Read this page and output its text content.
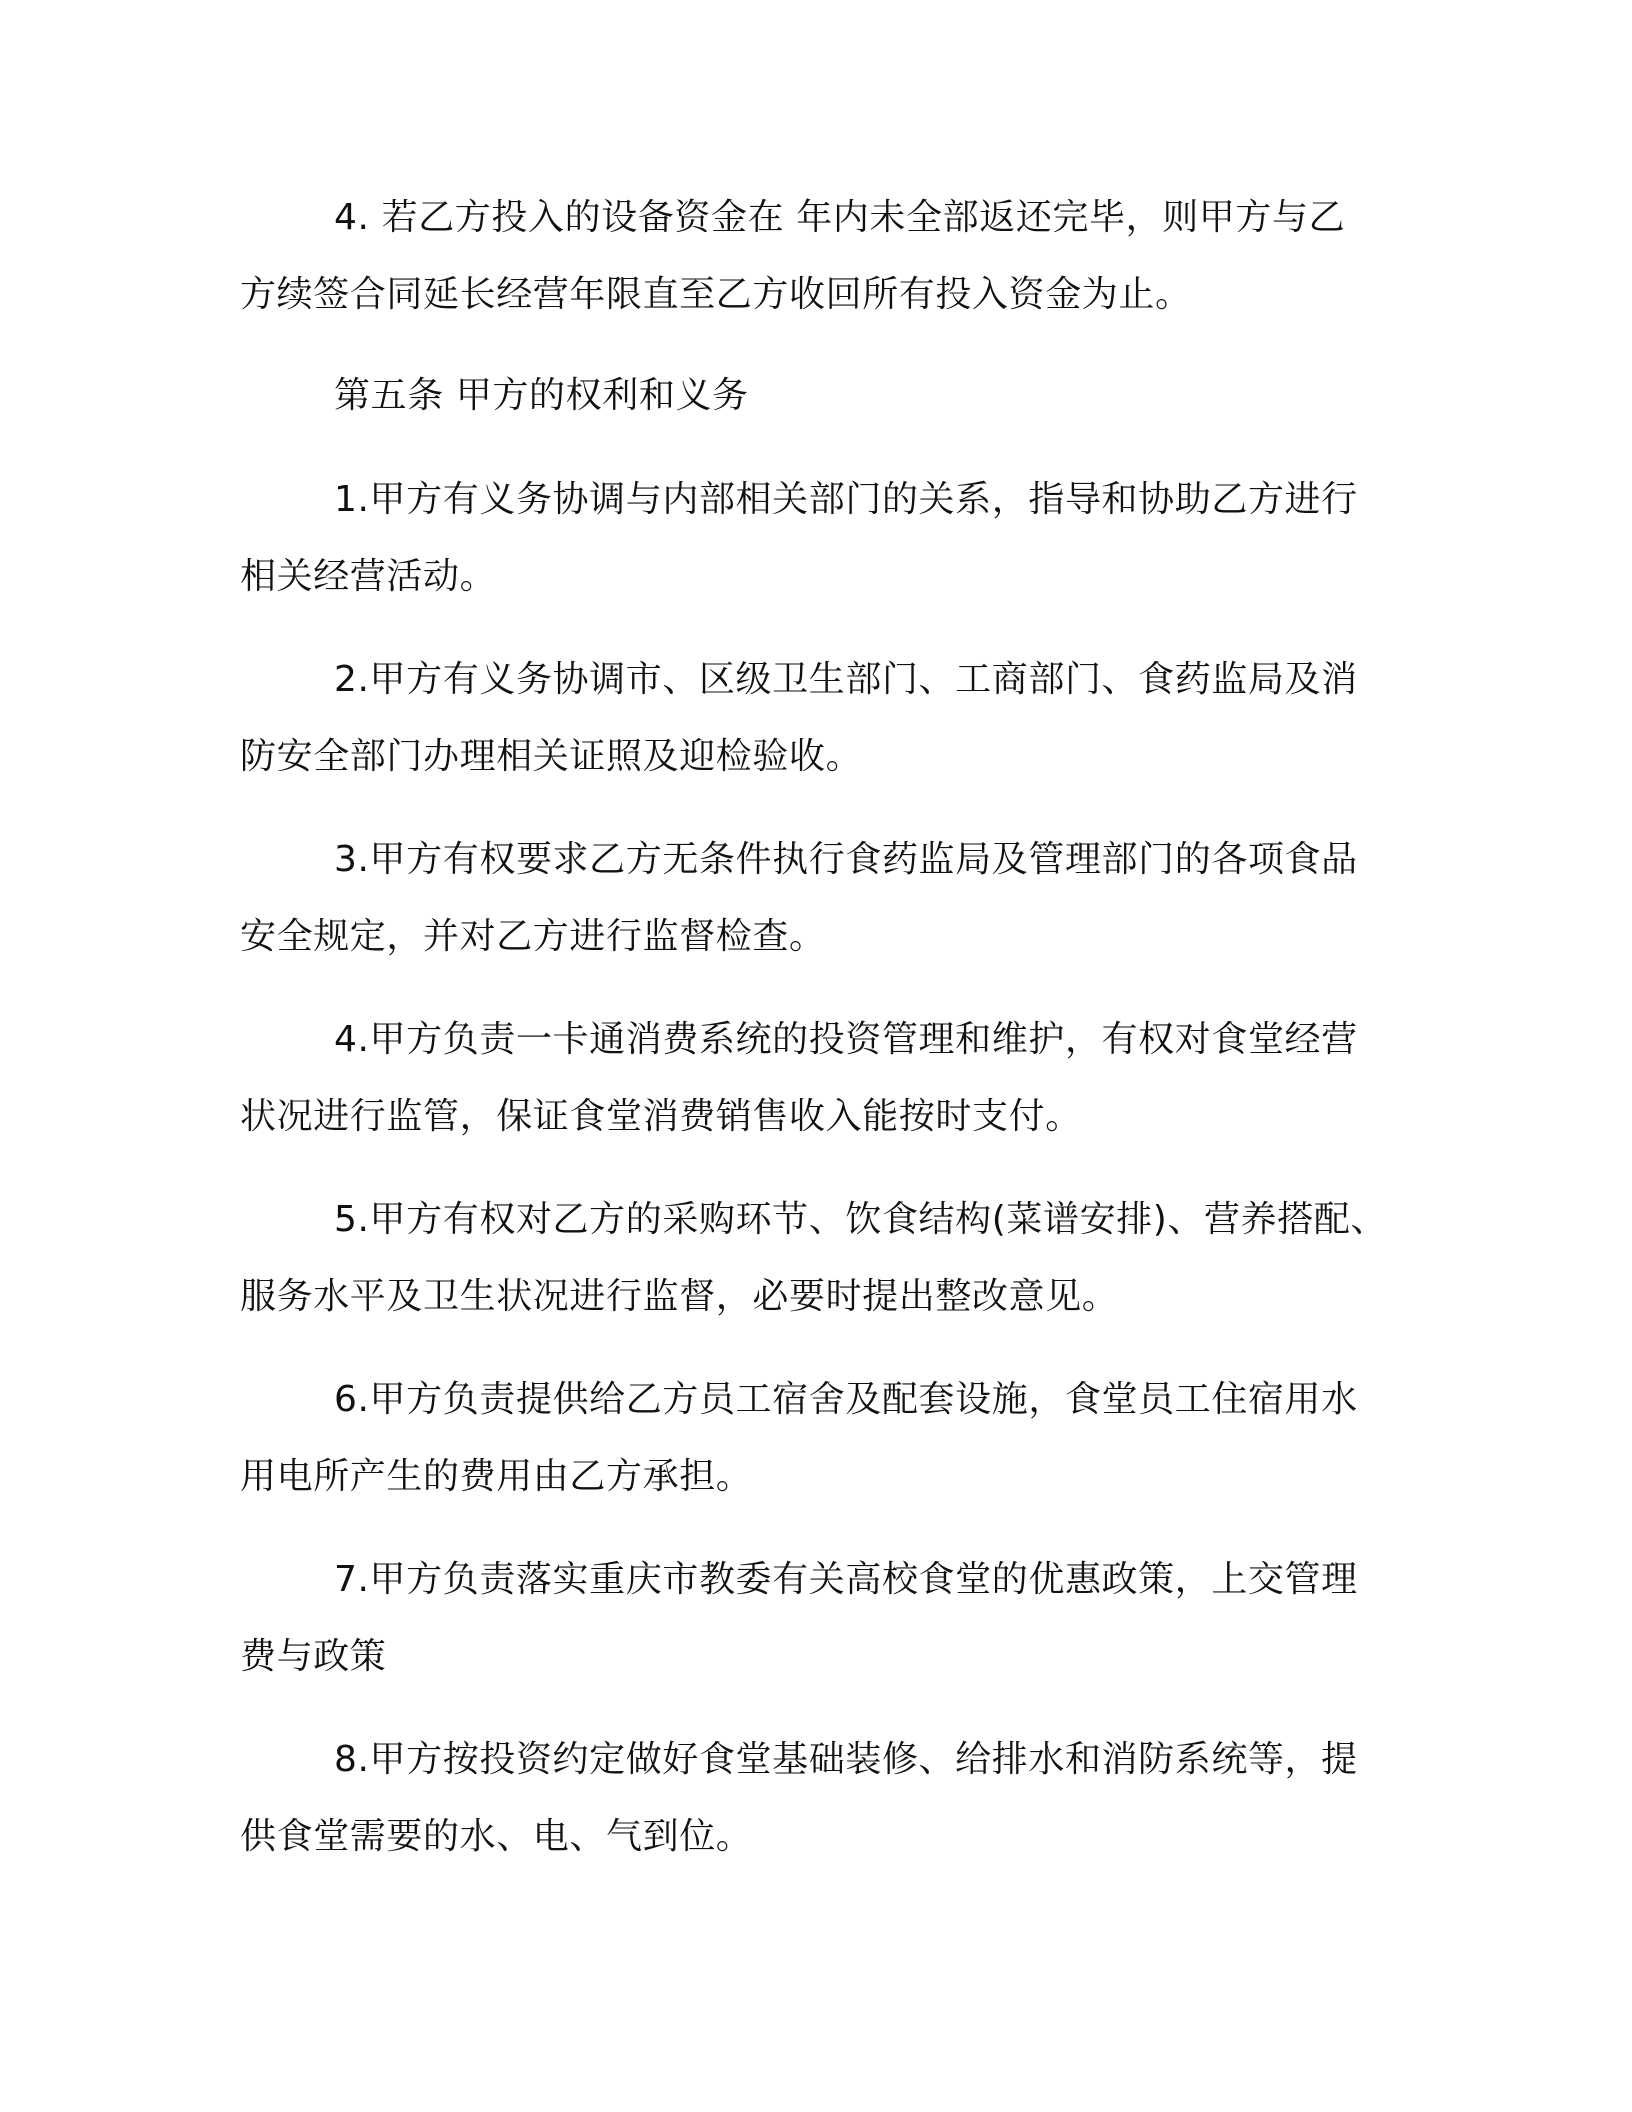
4. 若乙方投入的设备资金在 年内未全部返还完毕，则甲方与乙
方续签合同延长经营年限直至乙方收回所有投入资金为止。
第五条 甲方的权利和义务
1.甲方有义务协调与内部相关部门的关系，指导和协助乙方进行
相关经营活动。
2.甲方有义务协调市、区级卫生部门、工商部门、食药监局及消
防安全部门办理相关证照及迎检验收。
3.甲方有权要求乙方无条件执行食药监局及管理部门的各项食品
安全规定，并对乙方进行监督检查。
4.甲方负责一卡通消费系统的投资管理和维护，有权对食堂经营
状况进行监管，保证食堂消费销售收入能按时支付。
5.甲方有权对乙方的采购环节、饮食结构(菜谱安排)、营养搭配、
服务水平及卫生状况进行监督，必要时提出整改意见。
6.甲方负责提供给乙方员工宿舍及配套设施，食堂员工住宿用水
用电所产生的费用由乙方承担。
7.甲方负责落实重庆市教委有关高校食堂的优惠政策，上交管理
费与政策
8.甲方按投资约定做好食堂基础装修、给排水和消防系统等，提
供食堂需要的水、电、气到位。
